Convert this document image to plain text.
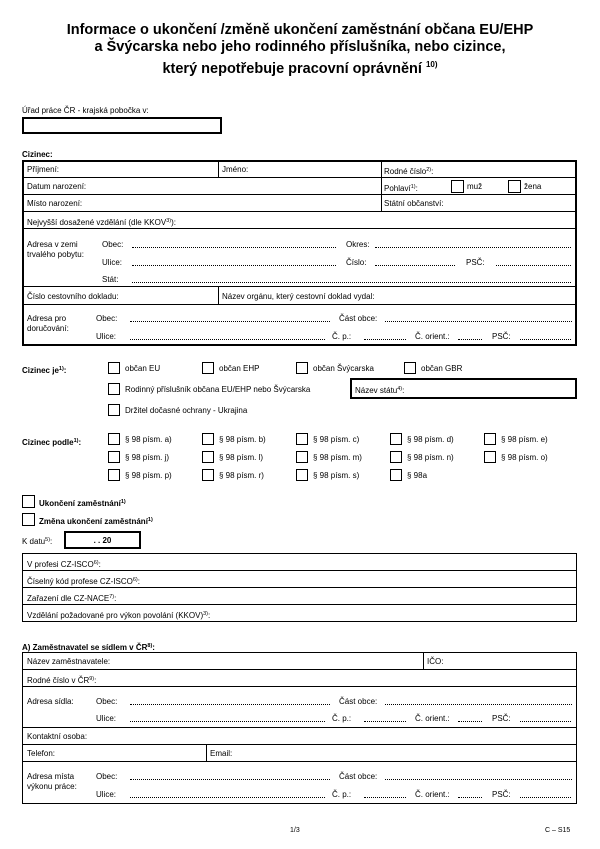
Informace o ukončení /změně ukončení zaměstnání občana EU/EHP
a Švýcarska nebo jeho rodinného příslušníka, nebo cizince,
který nepotřebuje pracovní oprávnění $^{10)}$
Úřad práce ČR - krajská pobočka v:
Cizinec:
Příjmení:	Jméno:	Rodné číslo$^{2)}$:
Datum narození:	Pohlaví$^{1)}$:	muž	žena
Místo narození:	Státní občanství:
Nejvyšší dosažené vzdělání (dle KKOV$^{3)}$):
Adresa v zemi
trvalého pobytu:
Obec:	Okres:
Ulice:	Číslo:	PSČ:
Stát:
Číslo cestovního dokladu:	Název orgánu, který cestovní doklad vydal:
Adresa pro
doručování:
Obec:	Část obce:
Ulice:	Č. p.:	Č. orient.:	PSČ:
Cizinec $je^{1)}$:	občan EU	občan EHP	občan Švýcarska	občan GBR
Rodinný příslušník občana EU/EHP nebo Švýcarska	Název státu$^{4)}$:
Držitel dočasné ochrany - Ukrajina
Cizinec podle$^{1)}$:	§ 98 písm. a)	§ 98 písm. b)	§ 98 písm. c)	§ 98 písm. d)	§ 98 písm. e)
§ 98 písm. j)	§ 98 písm. l)	§ 98 písm. m)	§ 98 písm. n)	§ 98 písm. o)
§ 98 písm. p)	§ 98 písm. r)	§ 98 písm. s)	§ 98a
Ukončení zaměstnání$^{1)}$
Změna ukončení zaměstnání$^{1)}$
K datu$^{5)}$:	. . 20
V profesi CZ-ISCO$^{6)}$:
Číselný kód profese CZ-ISCO$^{6)}$:
Zařazení dle CZ-NACE$^{7)}$:
Vzdělání požadované pro výkon povolání (KKOV)$^{3)}$:
A) Zaměstnavatel se sídlem v ČR$^{8)}$:
Název zaměstnavatele:	IČO:
Rodné číslo v ČR$^{9)}$:
Adresa sídla:	Obec:	Část obce:
Ulice:	Č. p.:	Č. orient.:	PSČ:
Kontaktní osoba:
Telefon:	Email:
Adresa místa
výkonu práce:
Obec:	Část obce:
Ulice:	Č. p.:	Č. orient.:	PSČ:
1/3	C – S15
